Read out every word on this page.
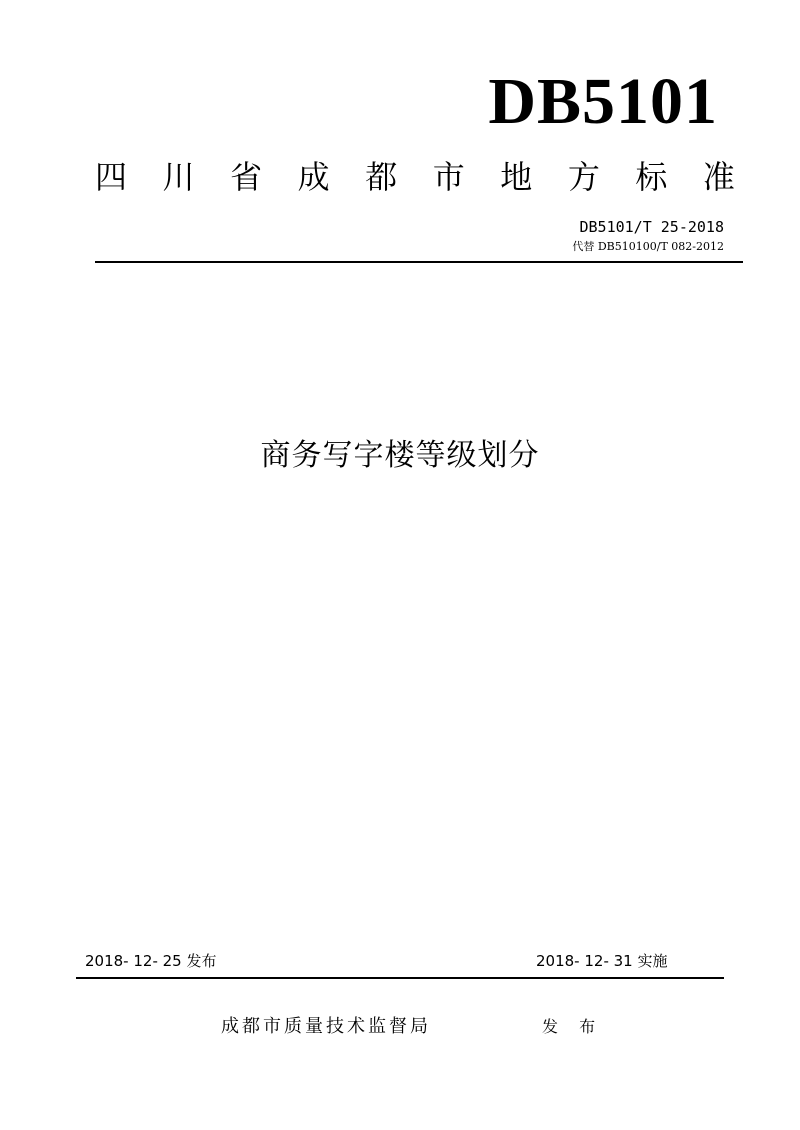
DB5101
四 川 省 成 都 市 地 方 标 准
DB5101/T 25-2018
代替 DB510100/T 082-2012
商务写字楼等级划分
2018- 12- 25 发布	2018- 12- 31 实施
成都市质量技术监督局	发 布
